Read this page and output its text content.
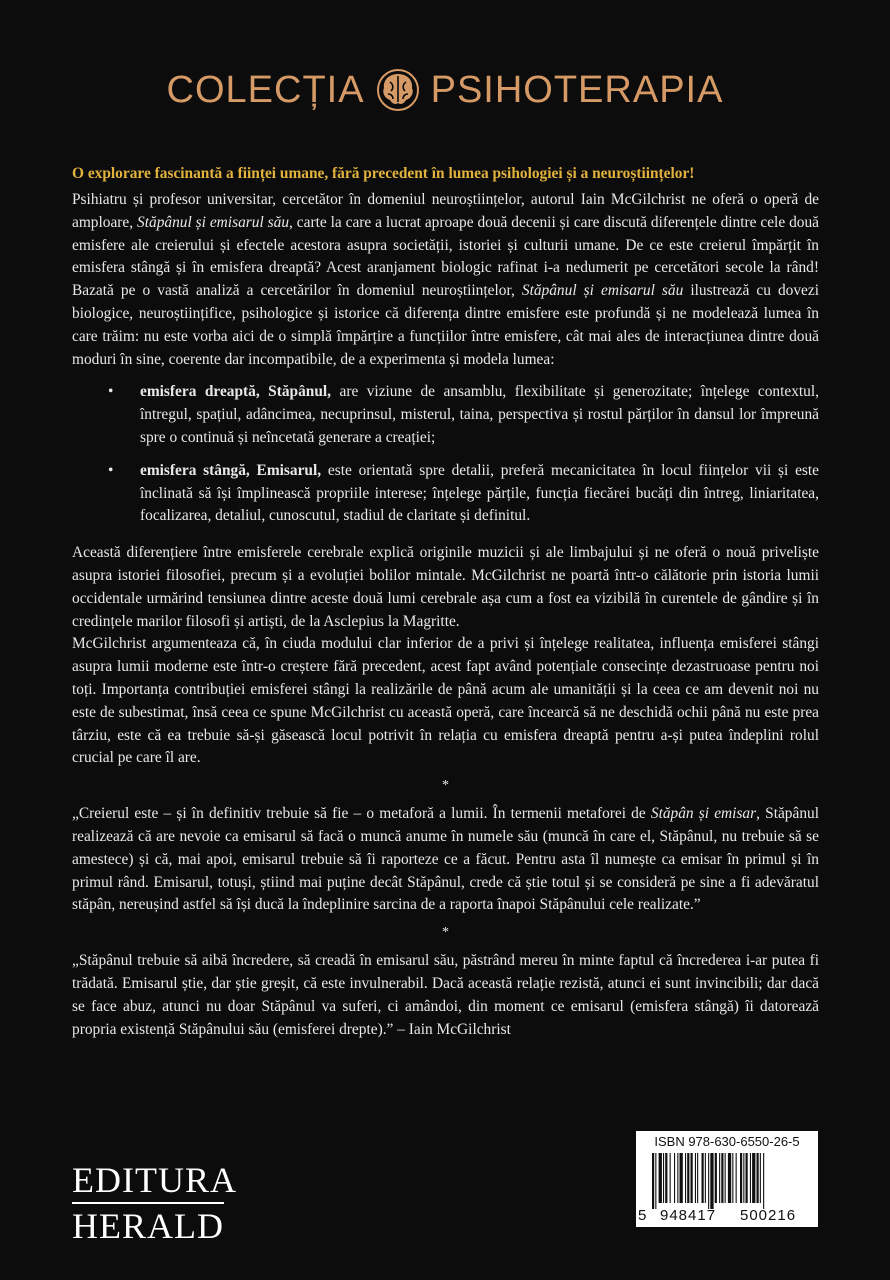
COLECȚIA PSIHOTERAPIA
O explorare fascinantă a ființei umane, fără precedent în lumea psihologiei și a neuroștiințelor!

Psihiatru și profesor universitar, cercetător în domeniul neuroștiințelor, autorul Iain McGilchrist ne oferă o operă de amploare, Stăpânul și emisarul său, carte la care a lucrat aproape două decenii și care discută diferențele dintre cele două emisfere ale creierului și efectele acestora asupra societății, istoriei și culturii umane. De ce este creierul împărțit în emisfera stângă și în emisfera dreaptă? Acest aranjament biologic rafinat i-a nedumerit pe cercetători secole la rând! Bazată pe o vastă analiză a cercetărilor în domeniul neuroștiințelor, Stăpânul și emisarul său ilustrează cu dovezi biologice, neuroștiințifice, psihologice și istorice că diferența dintre emisfere este profundă și ne modelează lumea în care trăim: nu este vorba aici de o simplă împărțire a funcțiilor între emisfere, cât mai ales de interacțiunea dintre două moduri în sine, coerente dar incompatibile, de a experimenta și modela lumea:

• emisfera dreaptă, Stăpânul, are viziune de ansamblu, flexibilitate și generozitate; înțelege contextul, întregul, spațiul, adâncimea, necuprinsul, misterul, taina, perspectiva și rostul părților în dansul lor împreună spre o continuă și neîncetată generare a creației;
• emisfera stângă, Emisarul, este orientată spre detalii, preferă mecanicitatea în locul ființelor vii și este înclinată să își împlinească propriile interese; înțelege părțile, funcția fiecărei bucăți din întreg, liniaritatea, focalizarea, detaliul, cunoscutul, stadiul de claritate și definitul.

Această diferențiere între emisferele cerebrale explică originile muzicii și ale limbajului și ne oferă o nouă priveliște asupra istoriei filosofiei, precum și a evoluției bolilor mintale. McGilchrist ne poartă într-o călătorie prin istoria lumii occidentale urmărind tensiunea dintre aceste două lumi cerebrale așa cum a fost ea vizibilă în curentele de gândire și în credințele marilor filosofi și artiști, de la Asclepius la Magritte.

McGilchrist argumenteaza că, în ciuda modului clar inferior de a privi și înțelege realitatea, influența emisferei stângi asupra lumii moderne este într-o creștere fără precedent, acest fapt având potențiale consecințe dezastruoase pentru noi toți. Importanța contribuției emisferei stângi la realizările de până acum ale umanității și la ceea ce am devenit noi nu este de subestimat, însă ceea ce spune McGilchrist cu această operă, care încearcă să ne deschidă ochii până nu este prea târziu, este că ea trebuie să-și găsească locul potrivit în relația cu emisfera dreaptă pentru a-și putea îndeplini rolul crucial pe care îl are.

*

„Creierul este – și în definitiv trebuie să fie – o metaforă a lumii. În termenii metaforei de Stăpân și emisar, Stăpânul realizează că are nevoie ca emisarul să facă o muncă anume în numele său (muncă în care el, Stăpânul, nu trebuie să se amestece) și că, mai apoi, emisarul trebuie să îi raporteze ce a făcut. Pentru asta îl numește ca emisar în primul și în primul rând. Emisarul, totuși, știind mai puține decât Stăpânul, crede că știe totul și se consideră pe sine a fi adevăratul stăpân, nereușind astfel să își ducă la îndeplinire sarcina de a raporta înapoi Stăpânului cele realizate.”

*

„Stăpânul trebuie să aibă încredere, să creadă în emisarul său, păstrând mereu în minte faptul că încrederea i-ar putea fi trădată. Emisarul știe, dar știe greșit, că este invulnerabil. Dacă această relație rezistă, atunci ei sunt invincibili; dar dacă se face abuz, atunci nu doar Stăpânul va suferi, ci amândoi, din moment ce emisarul (emisfera stângă) îi datorează propria existență Stăpânului său (emisferei drepte).” – Iain McGilchrist

EDITURA
HERALD
ISBN 978-630-6550-26-5
5 948417 500216
